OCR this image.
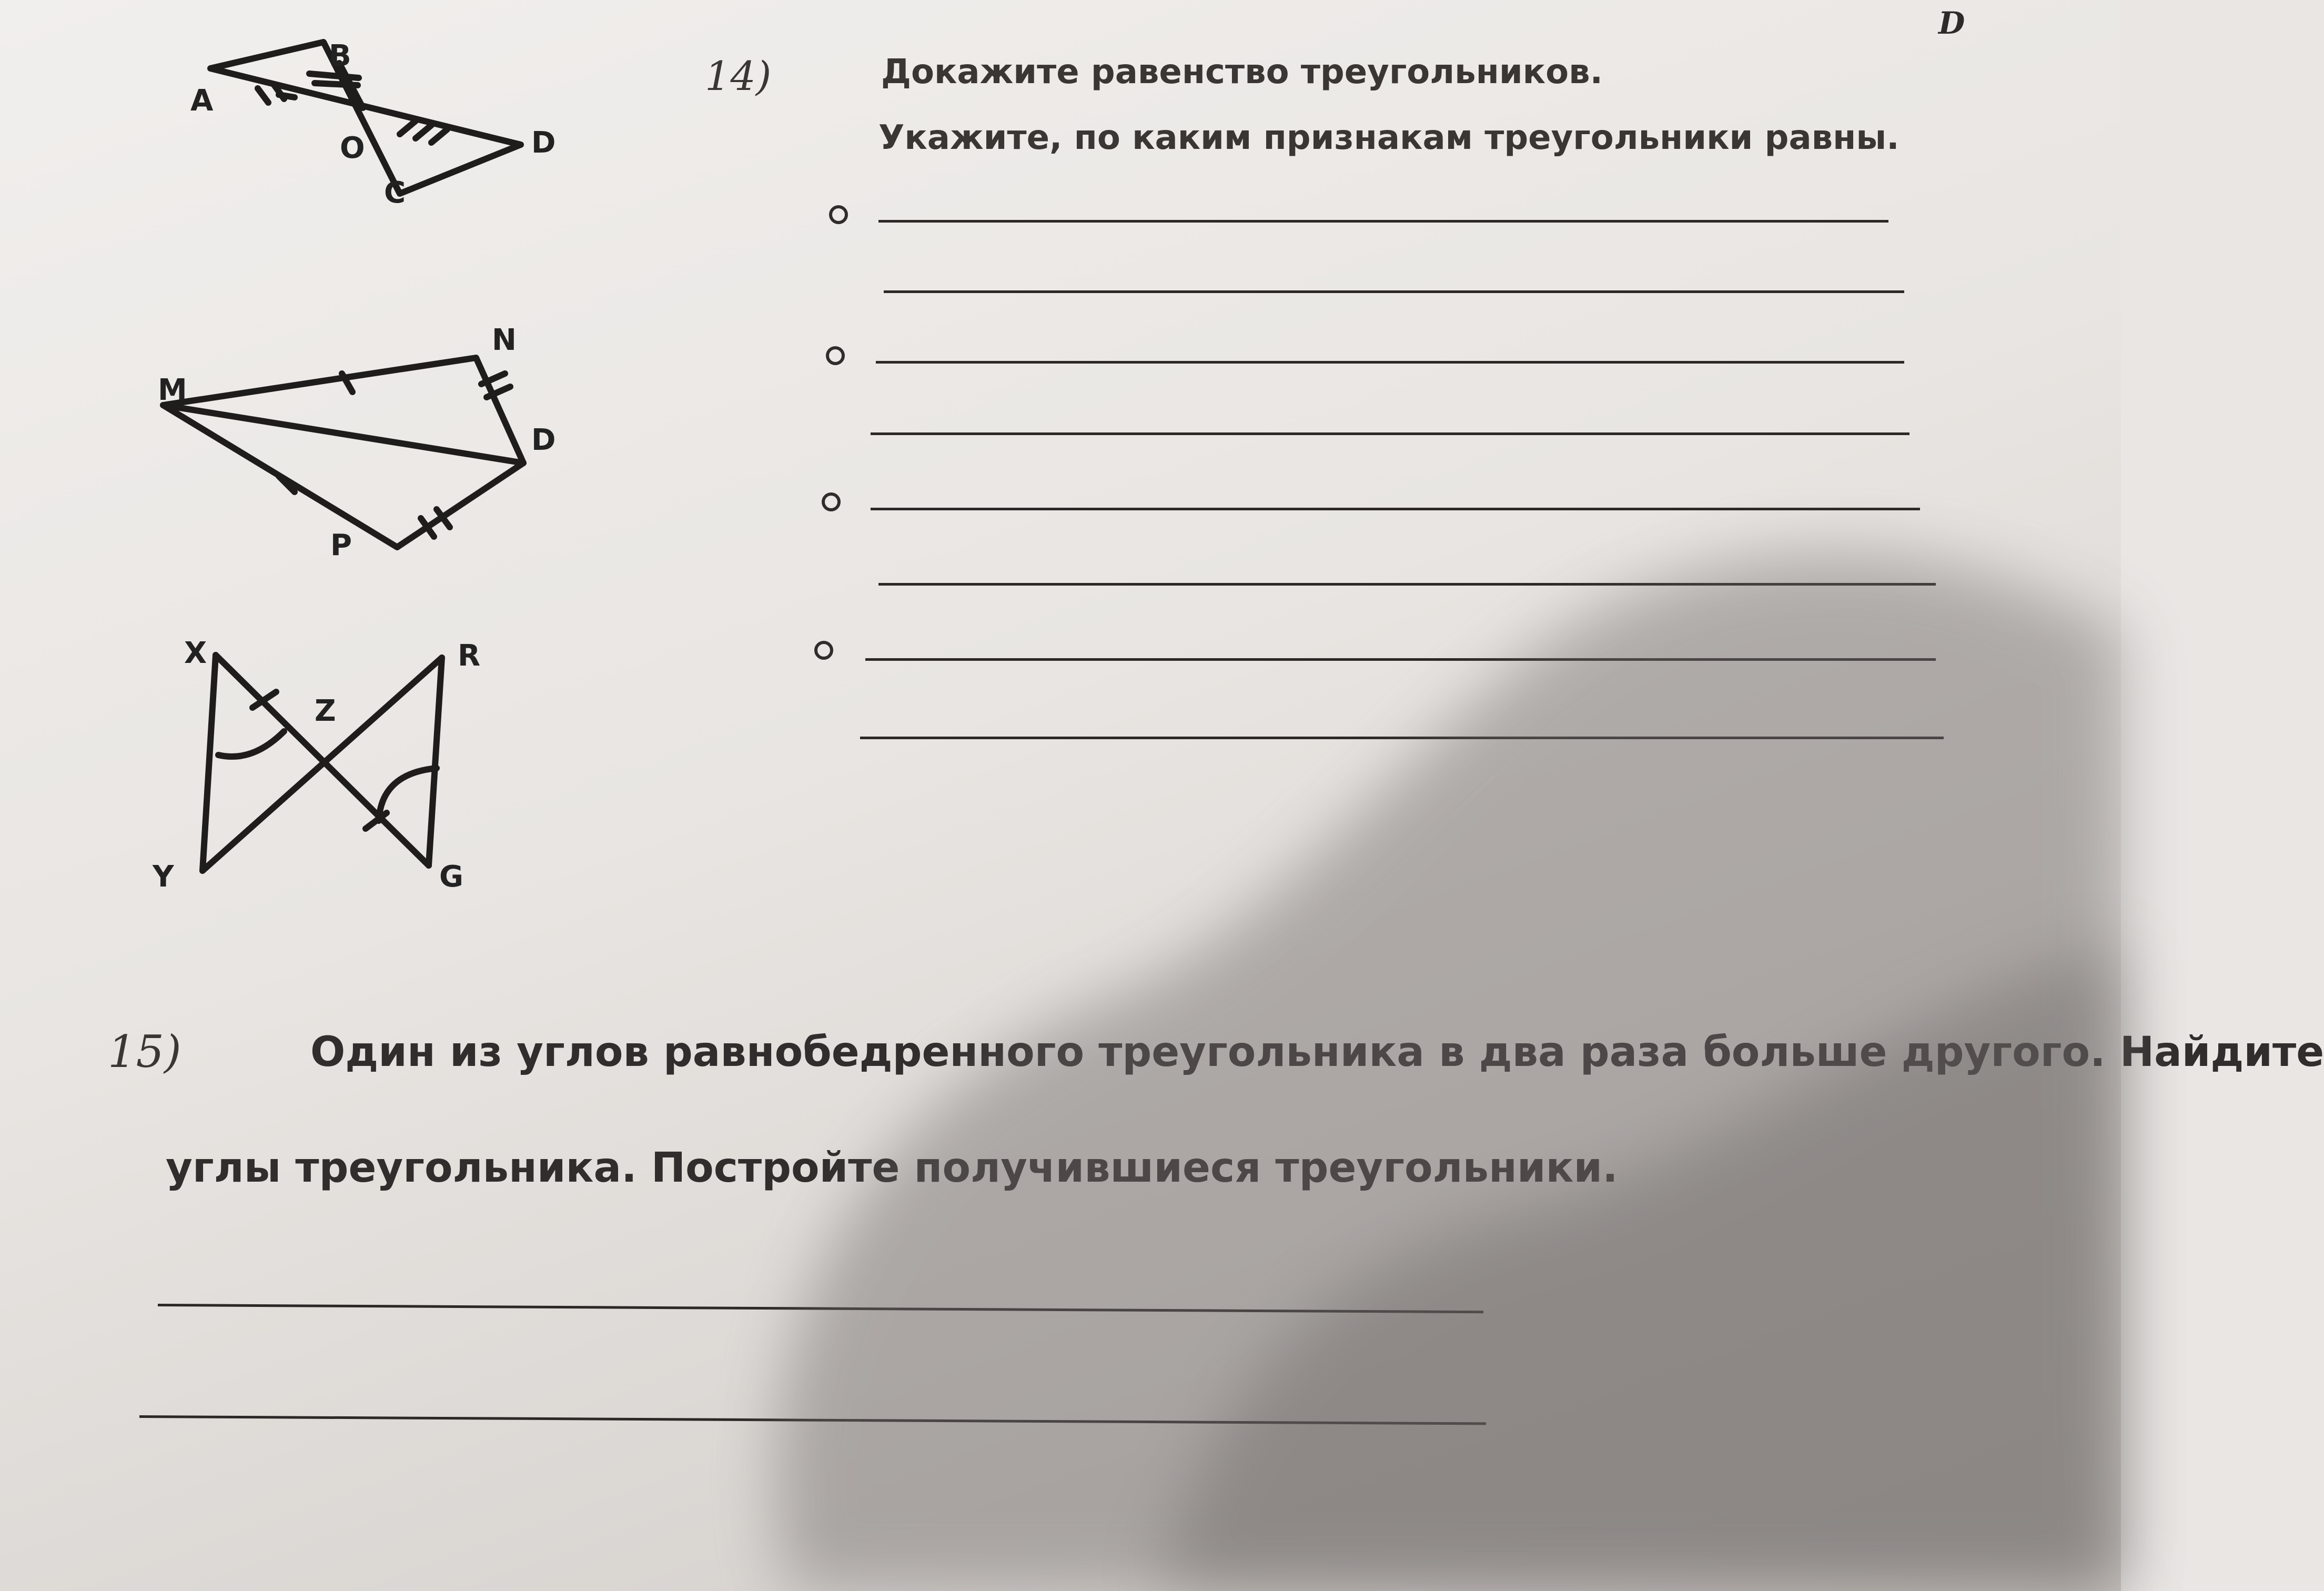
D
14)	Докажите равенство треугольников.
Укажите, по каким признакам треугольники равны.
A
B
O
C
D
M
N
D
P
X	R
Z
Y	G
15)	Один из углов равнобедренного треугольника в два раза больше другого. Найдите
углы треугольника. Постройте получившиеся треугольники.
